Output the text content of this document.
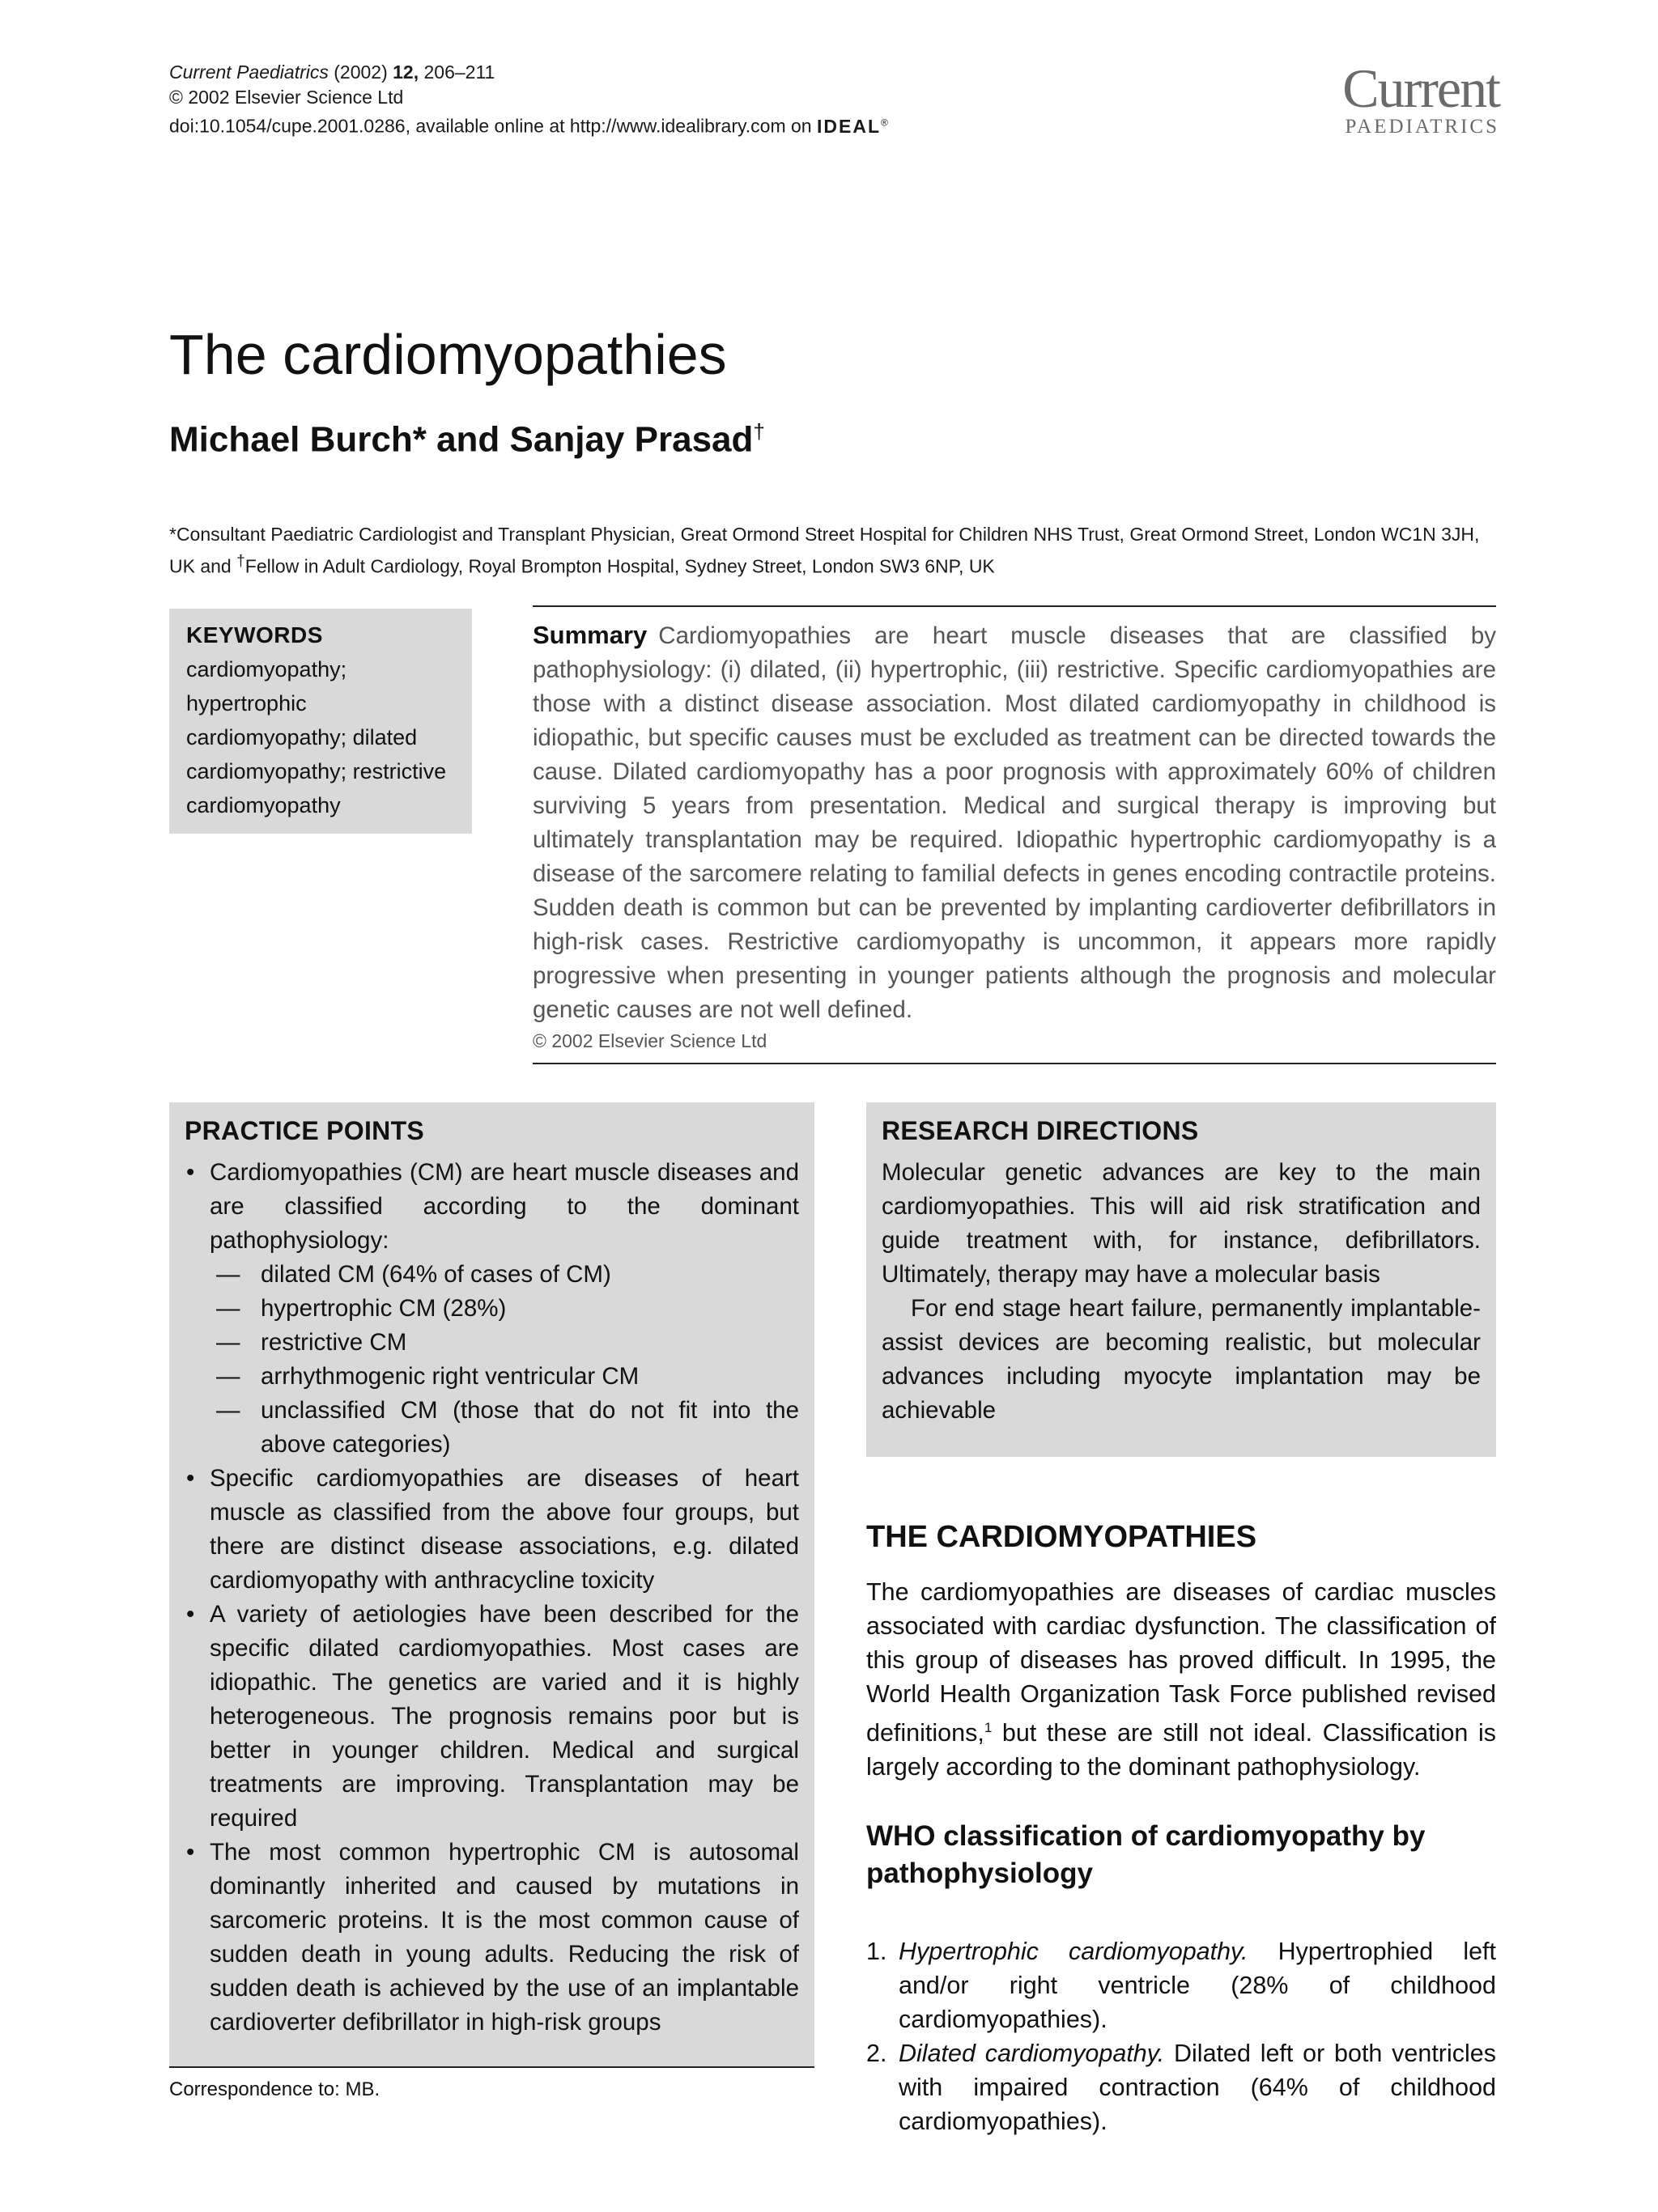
Current Paediatrics (2002) 12, 206–211
© 2002 Elsevier Science Ltd
doi:10.1054/cupe.2001.0286, available online at http://www.idealibrary.com on IDEAL®
Current
PAEDIATRICS
The cardiomyopathies
Michael Burch* and Sanjay Prasad†
*Consultant Paediatric Cardiologist and Transplant Physician, Great Ormond Street Hospital for Children NHS Trust, Great Ormond Street, London WC1N 3JH, UK and †Fellow in Adult Cardiology, Royal Brompton Hospital, Sydney Street, London SW3 6NP, UK
KEYWORDS
cardiomyopathy; hypertrophic cardiomyopathy; dilated cardiomyopathy; restrictive cardiomyopathy
Summary Cardiomyopathies are heart muscle diseases that are classified by pathophysiology: (i) dilated, (ii) hypertrophic, (iii) restrictive. Specific cardiomyopathies are those with a distinct disease association. Most dilated cardiomyopathy in childhood is idiopathic, but specific causes must be excluded as treatment can be directed towards the cause. Dilated cardiomyopathy has a poor prognosis with approximately 60% of children surviving 5 years from presentation. Medical and surgical therapy is improving but ultimately transplantation may be required. Idiopathic hypertrophic cardiomyopathy is a disease of the sarcomere relating to familial defects in genes encoding contractile proteins. Sudden death is common but can be prevented by implanting cardioverter defibrillators in high-risk cases. Restrictive cardiomyopathy is uncommon, it appears more rapidly progressive when presenting in younger patients although the prognosis and molecular genetic causes are not well defined.
© 2002 Elsevier Science Ltd
PRACTICE POINTS
• Cardiomyopathies (CM) are heart muscle diseases and are classified according to the dominant pathophysiology:
— dilated CM (64% of cases of CM)
— hypertrophic CM (28%)
— restrictive CM
— arrhythmogenic right ventricular CM
— unclassified CM (those that do not fit into the above categories)
• Specific cardiomyopathies are diseases of heart muscle as classified from the above four groups, but there are distinct disease associations, e.g. dilated cardiomyopathy with anthracycline toxicity
• A variety of aetiologies have been described for the specific dilated cardiomyopathies. Most cases are idiopathic. The genetics are varied and it is highly heterogeneous. The prognosis remains poor but is better in younger children. Medical and surgical treatments are improving. Transplantation may be required
• The most common hypertrophic CM is autosomal dominantly inherited and caused by mutations in sarcomeric proteins. It is the most common cause of sudden death in young adults. Reducing the risk of sudden death is achieved by the use of an implantable cardioverter defibrillator in high-risk groups
Correspondence to: MB.
RESEARCH DIRECTIONS

Molecular genetic advances are key to the main cardiomyopathies. This will aid risk stratification and guide treatment with, for instance, defibrillators. Ultimately, therapy may have a molecular basis

For end stage heart failure, permanently implantable-assist devices are becoming realistic, but molecular advances including myocyte implantation may be achievable

THE CARDIOMYOPATHIES

The cardiomyopathies are diseases of cardiac muscles associated with cardiac dysfunction. The classification of this group of diseases has proved difficult. In 1995, the World Health Organization Task Force published revised definitions,$^1$ but these are still not ideal. Classification is largely according to the dominant pathophysiology.

WHO classification of cardiomyopathy by pathophysiology
1. Hypertrophic cardiomyopathy. Hypertrophied left and/or right ventricle (28% of childhood cardiomyopathies).
2. Dilated cardiomyopathy. Dilated left or both ventricles with impaired contraction (64% of childhood cardiomyopathies).
